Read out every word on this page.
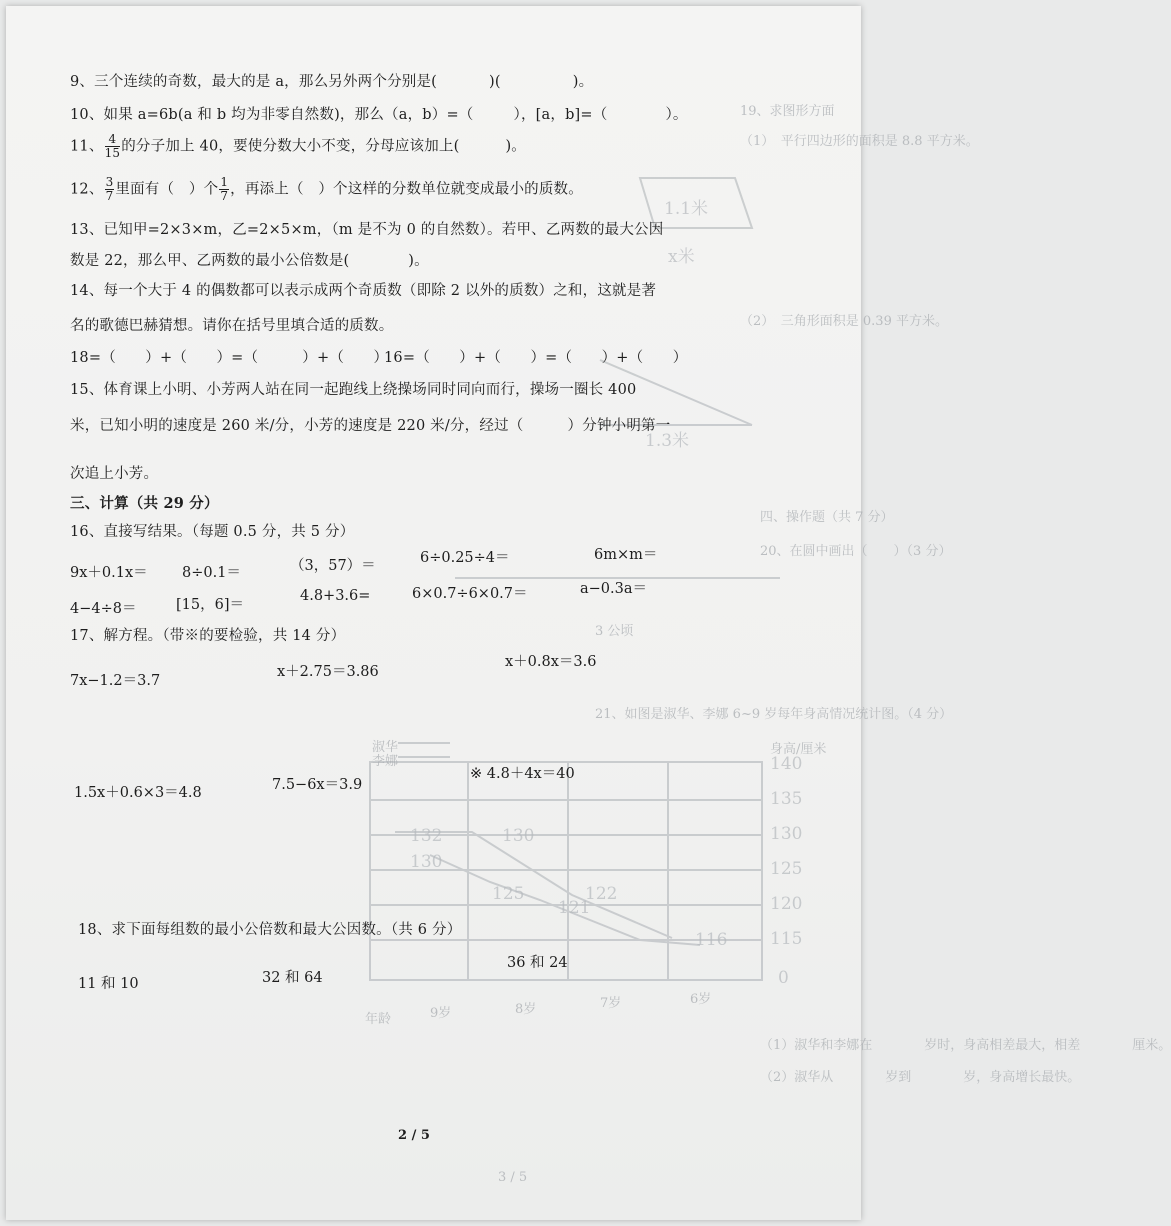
19、求图形方面
（1）　平行四边形的面积是 8.8 平方米。
1.1米
x米
（2）　三角形面积是 0.39 平方米。
1.3米
四、操作题（共 7 分）
20、在圆中画出（　　）（3 分）
3 公顷
21、如图是淑华、李娜 6~9 岁每年身高情况统计图。（4 分）
淑华
李娜
身高/厘米
140
135
130
125
120
115
0
6岁
7岁
8岁
9岁
年龄
132	130
130
125	122
121
116
（1）淑华和李娜在　　　　岁时，身高相差最大，相差　　　　厘米。
（2）淑华从　　　　岁到　　　　岁，身高增长最快。
3 / 5
9、三个连续的奇数，最大的是 a，那么另外两个分别是(	)(	)。
10、如果 a=6b(a 和 b 均为非零自然数)，那么（a，b）=（	），[a，b]=（	）。
11、 $\frac{4}{15}$ 的分子加上 40，要使分数大小不变，分母应该加上(	)。
12、 $\frac{3}{7}$ 里面有（　）个 $\frac{1}{7}$ ，再添上（　）个这样的分数单位就变成最小的质数。
13、已知甲=2×3×m，乙=2×5×m，（m 是不为 0 的自然数）。若甲、乙两数的最大公因
数是 22，那么甲、乙两数的最小公倍数是(　　　　)。
14、每一个大于 4 的偶数都可以表示成两个奇质数（即除 2 以外的质数）之和，这就是著
名的歌德巴赫猜想。请你在括号里填合适的质数。
18=（　　）+（　　）=（　　　）+（　　）
16=（　　）+（　　）=（　　）+（　　）
15、体育课上小明、小芳两人站在同一起跑线上绕操场同时同向而行，操场一圈长 400
米，已知小明的速度是 260 米/分，小芳的速度是 220 米/分，经过（　　　）分钟小明第一
次追上小芳。
三、计算（共 29 分）
16、直接写结果。（每题 0.5 分，共 5 分）
9x＋0.1x＝ 8÷0.1＝	（3，57）＝	6÷0.25÷4＝	6m×m＝
4−4÷8＝	[15，6]＝
4.8+3.6=	6×0.7÷6×0.7＝	a−0.3a＝
17、解方程。（带※的要检验，共 14 分）
7x−1.2＝3.7
x＋2.75＝3.86
x＋0.8x＝3.6
1.5x＋0.6×3＝4.8	7.5−6x＝3.9
※ 4.8＋4x＝40
18、求下面每组数的最小公倍数和最大公因数。（共 6 分）
11 和 10	32 和 64
36 和 24
2 / 5
